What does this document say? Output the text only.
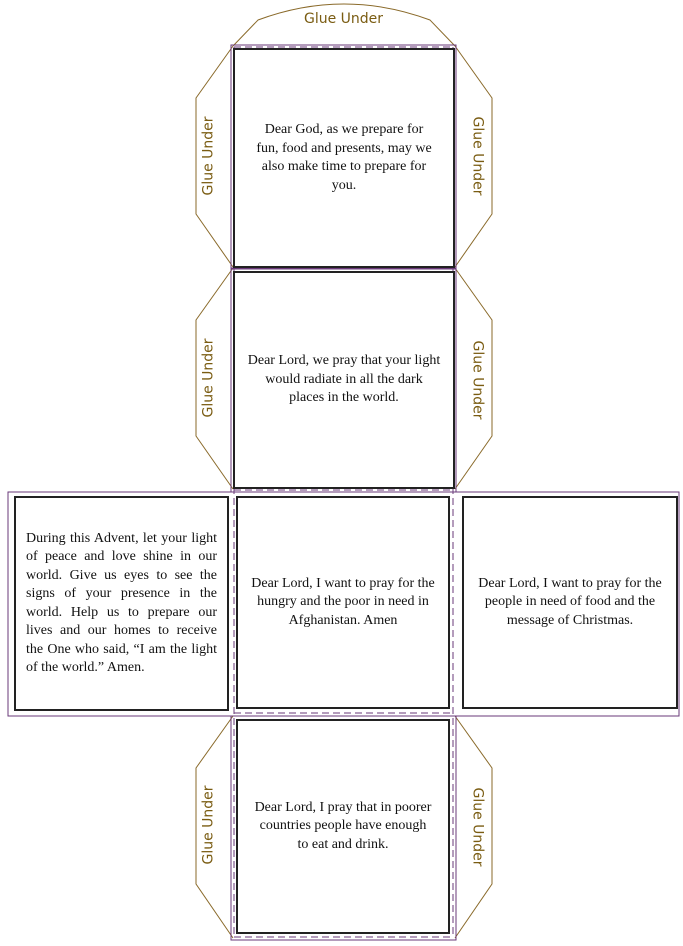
Glue Under
Glue Under	Glue Under
Glue Under	Glue Under
Glue Under	Glue Under
Dear God, as we prepare for fun, food and presents, may we also make time to prepare for you.
Dear Lord, we pray that your light would radiate in all the dark places in the world.
During this Advent, let your light of peace and love shine in our world. Give us eyes to see the signs of your presence in the world. Help us to prepare our lives and our homes to receive the One who said, “I am the light of the world.” Amen.
Dear Lord, I want to pray for the hungry and the poor in need in Afghanistan. Amen
Dear Lord, I want to pray for the people in need of food and the message of Christmas.
Dear Lord, I pray that in poorer countries people have enough to eat and drink.
